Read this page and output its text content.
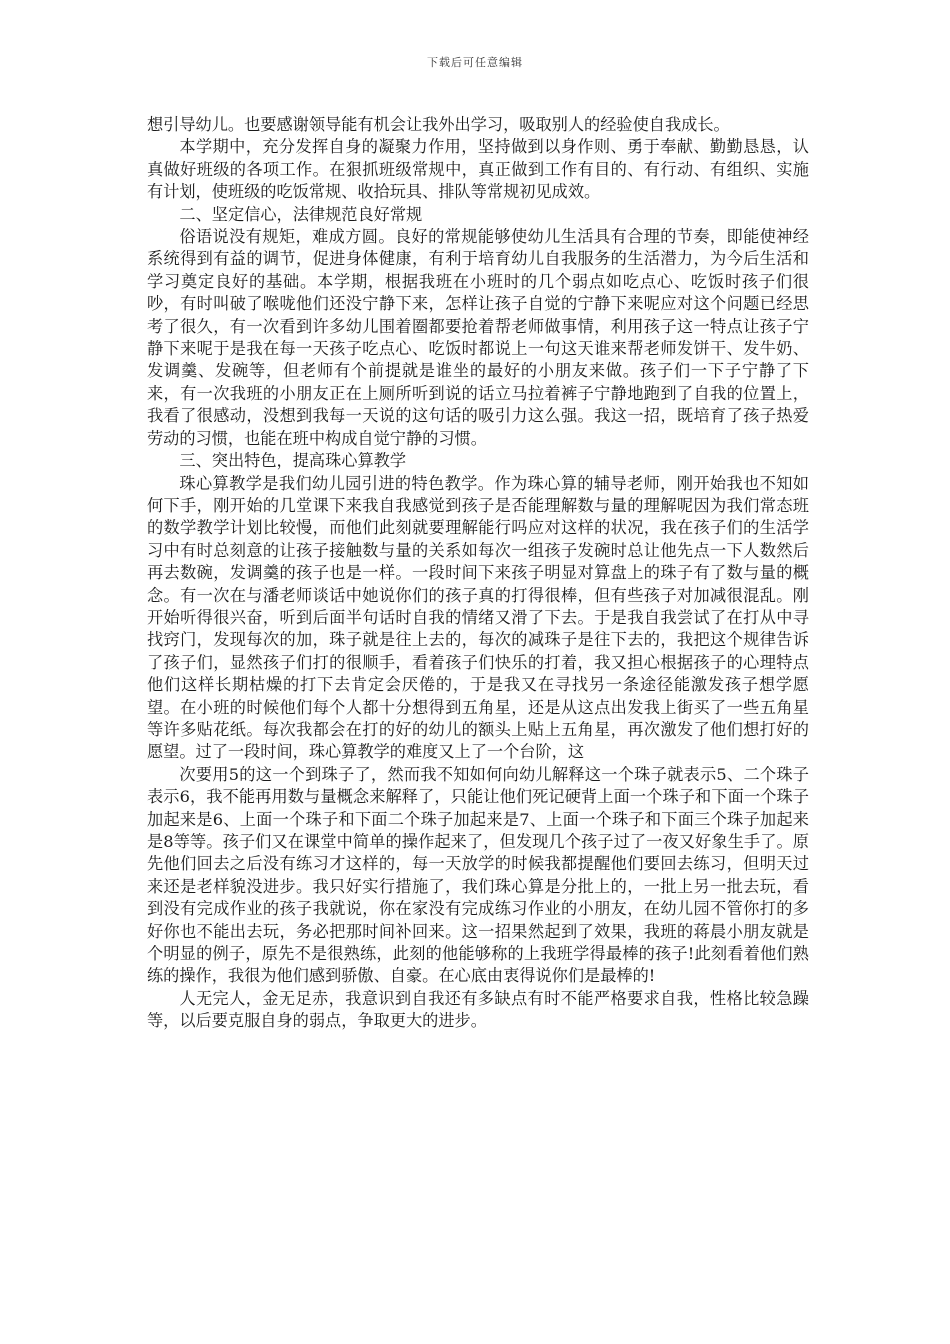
下载后可任意编辑

想引导幼儿。也要感谢领导能有机会让我外出学习，吸取别人的经验使自我成长。

本学期中，充分发挥自身的凝聚力作用，坚持做到以身作则、勇于奉献、勤勤恳恳，认真做好班级的各项工作。在狠抓班级常规中，真正做到工作有目的、有行动、有组织、实施有计划，使班级的吃饭常规、收拾玩具、排队等常规初见成效。

二、坚定信心，法律规范良好常规

俗语说没有规矩，难成方圆。良好的常规能够使幼儿生活具有合理的节奏，即能使神经系统得到有益的调节，促进身体健康，有利于培育幼儿自我服务的生活潜力，为今后生活和学习奠定良好的基础。本学期，根据我班在小班时的几个弱点如吃点心、吃饭时孩子们很吵，有时叫破了喉咙他们还没宁静下来，怎样让孩子自觉的宁静下来呢应对这个问题已经思考了很久，有一次看到许多幼儿围着圈都要抢着帮老师做事情，利用孩子这一特点让孩子宁静下来呢于是我在每一天孩子吃点心、吃饭时都说上一句这天谁来帮老师发饼干、发牛奶、发调羹、发碗等，但老师有个前提就是谁坐的最好的小朋友来做。孩子们一下子宁静了下来，有一次我班的小朋友正在上厕所听到说的话立马拉着裤子宁静地跑到了自我的位置上，我看了很感动，没想到我每一天说的这句话的吸引力这么强。我这一招，既培育了孩子热爱劳动的习惯，也能在班中构成自觉宁静的习惯。

三、突出特色，提高珠心算教学

珠心算教学是我们幼儿园引进的特色教学。作为珠心算的辅导老师，刚开始我也不知如何下手，刚开始的几堂课下来我自我感觉到孩子是否能理解数与量的理解呢因为我们常态班的数学教学计划比较慢，而他们此刻就要理解能行吗应对这样的状况，我在孩子们的生活学习中有时总刻意的让孩子接触数与量的关系如每次一组孩子发碗时总让他先点一下人数然后再去数碗，发调羹的孩子也是一样。一段时间下来孩子明显对算盘上的珠子有了数与量的概念。有一次在与潘老师谈话中她说你们的孩子真的打得很棒，但有些孩子对加减很混乱。刚开始听得很兴奋，听到后面半句话时自我的情绪又滑了下去。于是我自我尝试了在打从中寻找窍门，发现每次的加，珠子就是往上去的，每次的减珠子是往下去的，我把这个规律告诉了孩子们，显然孩子们打的很顺手，看着孩子们快乐的打着，我又担心根据孩子的心理特点他们这样长期枯燥的打下去肯定会厌倦的，于是我又在寻找另一条途径能激发孩子想学愿望。在小班的时候他们每个人都十分想得到五角星，还是从这点出发我上街买了一些五角星等许多贴花纸。每次我都会在打的好的幼儿的额头上贴上五角星，再次激发了他们想打好的愿望。过了一段时间，珠心算教学的难度又上了一个台阶，这

次要用5的这一个到珠子了，然而我不知如何向幼儿解释这一个珠子就表示5、二个珠子表示6，我不能再用数与量概念来解释了，只能让他们死记硬背上面一个珠子和下面一个珠子加起来是6、上面一个珠子和下面二个珠子加起来是7、上面一个珠子和下面三个珠子加起来是8等等。孩子们又在课堂中简单的操作起来了，但发现几个孩子过了一夜又好象生手了。原先他们回去之后没有练习才这样的，每一天放学的时候我都提醒他们要回去练习，但明天过来还是老样貌没进步。我只好实行措施了，我们珠心算是分批上的，一批上另一批去玩，看到没有完成作业的孩子我就说，你在家没有完成练习作业的小朋友，在幼儿园不管你打的多好你也不能出去玩，务必把那时间补回来。这一招果然起到了效果，我班的蒋晨小朋友就是个明显的例子，原先不是很熟练，此刻的他能够称的上我班学得最棒的孩子!此刻看着他们熟练的操作，我很为他们感到骄傲、自豪。在心底由衷得说你们是最棒的!

人无完人，金无足赤，我意识到自我还有多缺点有时不能严格要求自我，性格比较急躁等，以后要克服自身的弱点，争取更大的进步。
